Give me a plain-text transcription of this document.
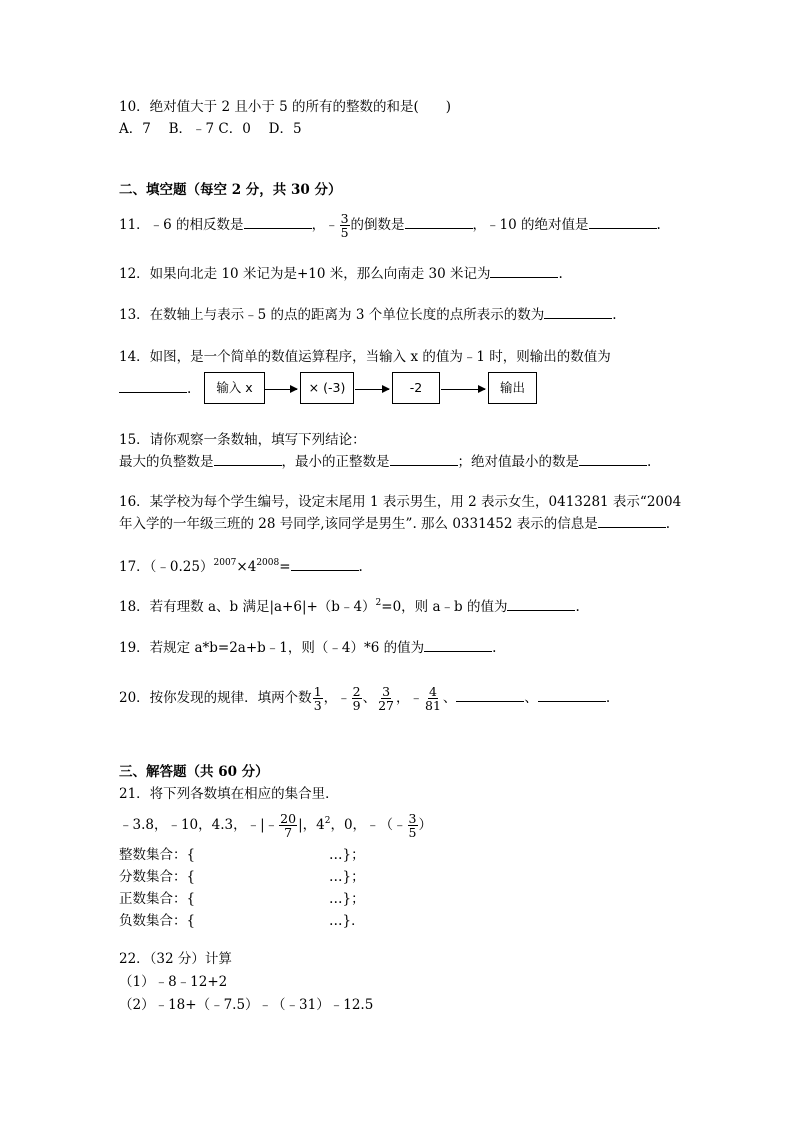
10．绝对值大于 2 且小于 5 的所有的整数的和是(　　)
A．7　 B．﹣7 C．0　 D．5
二、填空题（每空 2 分，共 30 分）
11．﹣6 的相反数是	，﹣ $\frac{3}{5}$ 的倒数是	，﹣10 的绝对值是	.
12．如果向北走 10 米记为是+10 米，那么向南走 30 米记为	.
13．在数轴上与表示﹣5 的点的距离为 3 个单位长度的点所表示的数为	.
14．如图，是一个简单的数值运算程序，当输入 x 的值为﹣1 时，则输出的数值为
.	输入 x	× (-3)	-2	输出
15．请你观察一条数轴，填写下列结论：
最大的负整数是	，最小的正整数是	；绝对值最小的数是	.
16．某学校为每个学生编号，设定末尾用 1 表示男生，用 2 表示女生，0413281 表示“2004
年入学的一年级三班的 28 号同学,该同学是男生”. 那么 0331452 表示的信息是	.
17．$(﹣0.25)^{2007}\times 4^{2008}=$	.
18．若有理数 a、b 满足|a+6|+（b﹣4）$^2$=0，则 a﹣b 的值为	.
19．若规定 a*b=2a+b﹣1，则（﹣4）*6 的值为	.
20．按你发现的规律．填两个数 $\frac{1}{3}$ ，﹣ $\frac{2}{9}$ 、 $\frac{3}{27}$ ，﹣ $\frac{4}{81}$ 、	、	.
三、解答题（共 60 分）
21．将下列各数填在相应的集合里．
﹣3.8，﹣10，4.3，﹣|﹣ $\frac{20}{7}$ |，$4^2$，0，﹣（﹣ $\frac{3}{5}$ ）
整数集合：{	…}；
分数集合：{	…}；
正数集合：{	…}；
负数集合：{	…}．
22．（32 分）计算
（1）﹣8﹣12+2
（2）﹣18+（﹣7.5）﹣（﹣31）﹣12.5
